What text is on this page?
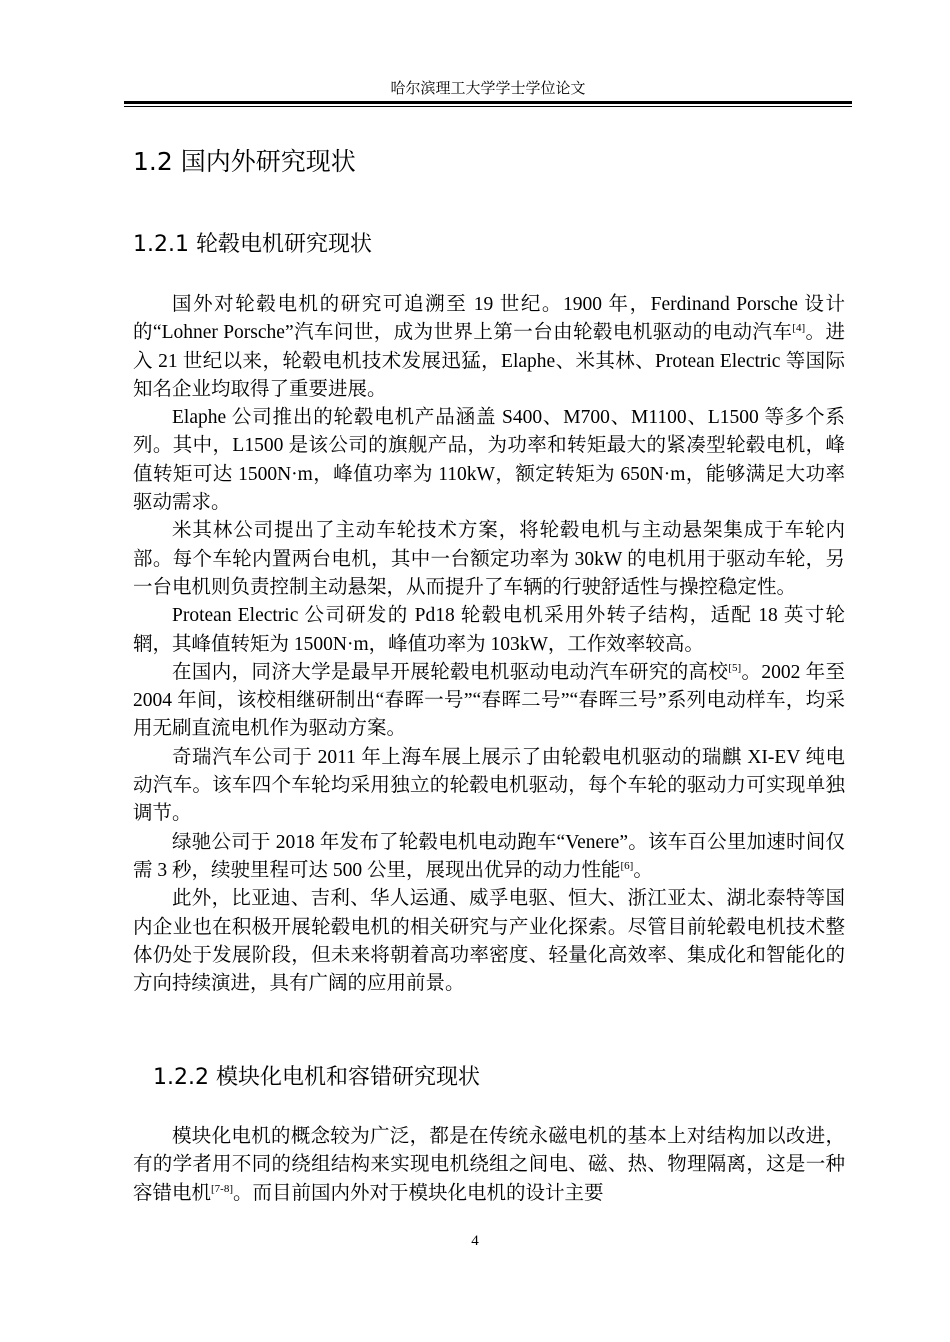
哈尔滨理工大学学士学位论文
1.2 国内外研究现状
1.2.1 轮毂电机研究现状

国外对轮毂电机的研究可追溯至 19 世纪。1900 年，Ferdinand Porsche 设计的“Lohner Porsche”汽车问世，成为世界上第一台由轮毂电机驱动的电动汽车[4]。进入 21 世纪以来，轮毂电机技术发展迅猛，Elaphe、米其林、Protean Electric 等国际知名企业均取得了重要进展。

Elaphe 公司推出的轮毂电机产品涵盖 S400、M700、M1100、L1500 等多个系列。其中，L1500 是该公司的旗舰产品，为功率和转矩最大的紧凑型轮毂电机，峰值转矩可达 1500N·m，峰值功率为 110kW，额定转矩为 650N·m，能够满足大功率驱动需求。

米其林公司提出了主动车轮技术方案，将轮毂电机与主动悬架集成于车轮内部。每个车轮内置两台电机，其中一台额定功率为 30kW 的电机用于驱动车轮，另一台电机则负责控制主动悬架，从而提升了车辆的行驶舒适性与操控稳定性。

Protean Electric 公司研发的 Pd18 轮毂电机采用外转子结构，适配 18 英寸轮辋，其峰值转矩为 1500N·m，峰值功率为 103kW，工作效率较高。

在国内，同济大学是最早开展轮毂电机驱动电动汽车研究的高校[5]。2002 年至 2004 年间，该校相继研制出“春晖一号”“春晖二号”“春晖三号”系列电动样车，均采用无刷直流电机作为驱动方案。

奇瑞汽车公司于 2011 年上海车展上展示了由轮毂电机驱动的瑞麒 XI-EV 纯电动汽车。该车四个车轮均采用独立的轮毂电机驱动，每个车轮的驱动力可实现单独调节。

绿驰公司于 2018 年发布了轮毂电机电动跑车“Venere”。该车百公里加速时间仅需 3 秒，续驶里程可达 500 公里，展现出优异的动力性能[6]。

此外，比亚迪、吉利、华人运通、威孚电驱、恒大、浙江亚太、湖北泰特等国内企业也在积极开展轮毂电机的相关研究与产业化探索。尽管目前轮毂电机技术整体仍处于发展阶段，但未来将朝着高功率密度、轻量化高效率、集成化和智能化的方向持续演进，具有广阔的应用前景。

1.2.2 模块化电机和容错研究现状

模块化电机的概念较为广泛，都是在传统永磁电机的基本上对结构加以改进，有的学者用不同的绕组结构来实现电机绕组之间电、磁、热、物理隔离，这是一种容错电机[7-8]。而目前国内外对于模块化电机的设计主要

4
